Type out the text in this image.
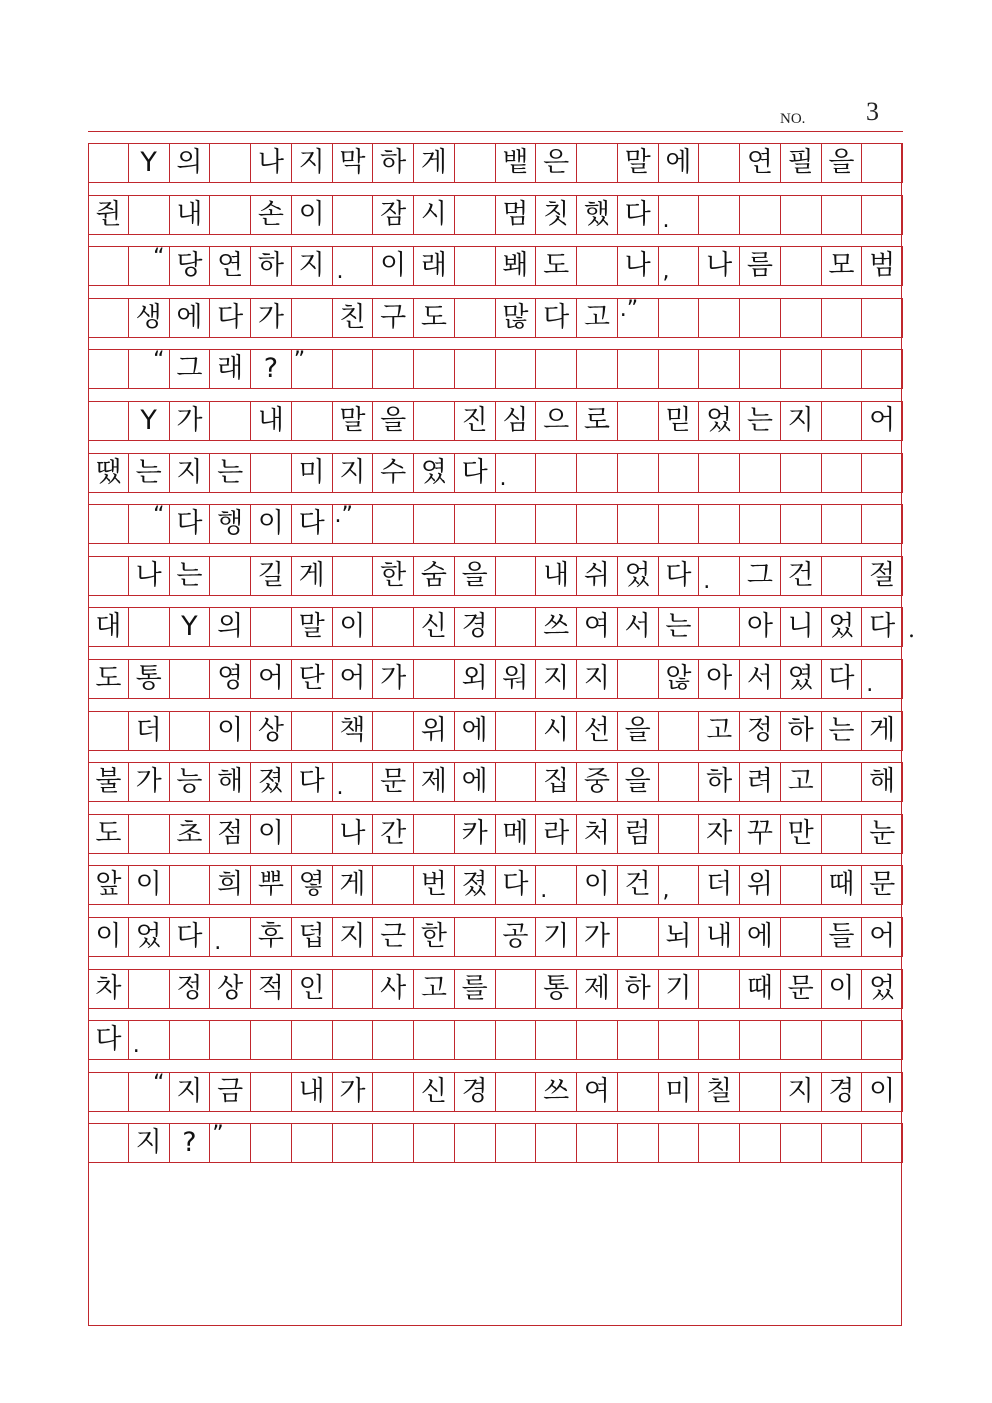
NO. 3
Y 의 나 지 막 하 게 뱉 은 말 에 연 필 을
쥔 내 손 이 잠 시 멈 칫 했 다 .
“ 당 연 하 지 .	이 래 봬 도 나 ,	나 름 모 범
생 에 다 가 친 구 도 많 다 고 .”
“ 그 래 ? ”
Y 가 내 말 을 진 심 으 로 믿 었 는 지 어
땠 는 지 는 미 지 수 였 다 .
“ 다 행 이 다 .”
나 는 길 게 한 숨 을 내 쉬 었 다 .	그 건 절
대	Y 의 말 이 신 경 쓰 여 서 는 아 니 었 다 .
도 통 영 어 단 어 가 외 워 지 지 않 아 서 였 다 .
더 이 상 책 위 에 시 선 을 고 정 하 는 게
불 가 능 해 졌 다 .	문 제 에 집 중 을 하 려 고 해
도 초 점 이 나 간 카 메 라 처 럼 자 꾸 만 눈
앞 이 희 뿌 옇 게 번 졌 다 .	이 건 ,	더 위 때 문
이 었 다 .	후 덥 지 근 한 공 기 가 뇌 내 에 들 어
차 정 상 적 인 사 고 를 통 제 하 기 때 문 이 었
다 .
“ 지 금 내 가 신 경 쓰 여 미 칠 지 경 이
지 ? ”
